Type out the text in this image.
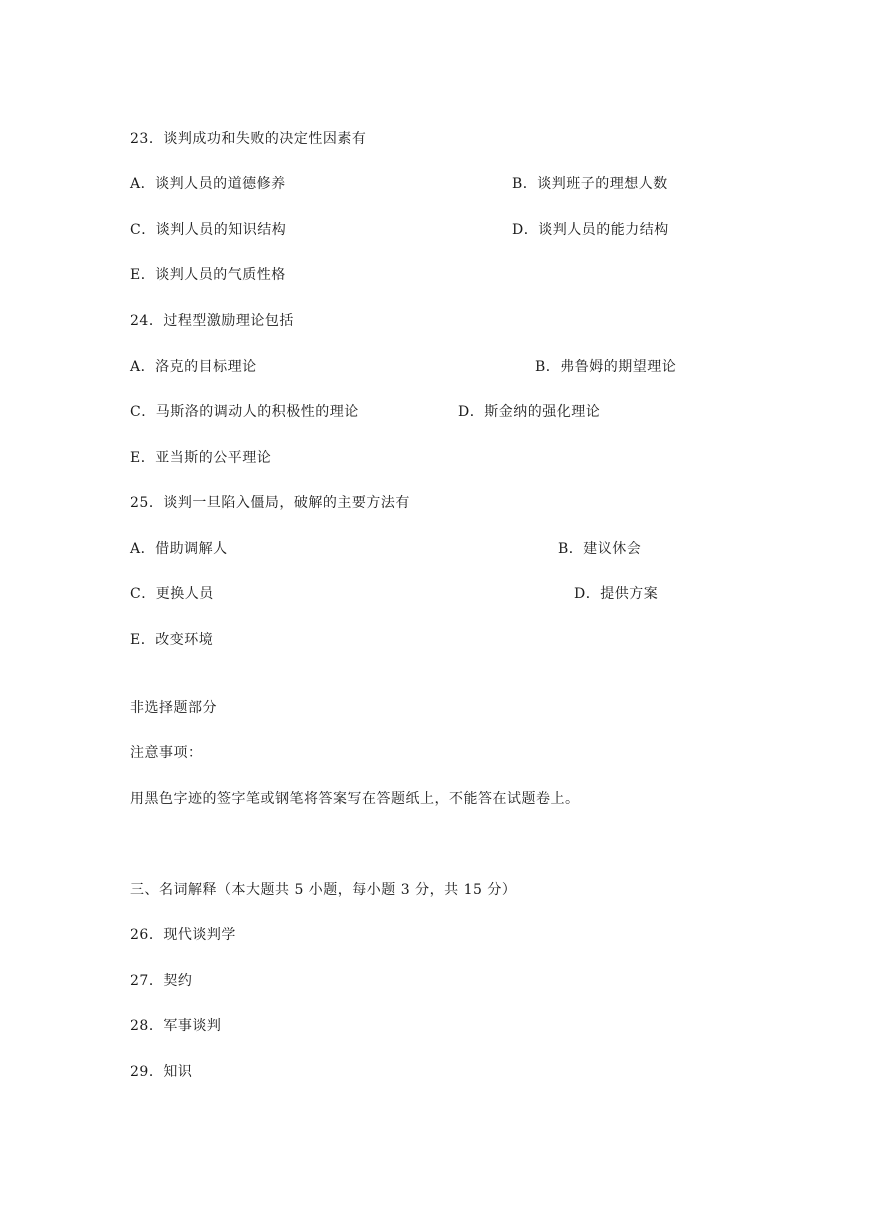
23．谈判成功和失败的决定性因素有
A．谈判人员的道德修养	B．谈判班子的理想人数
C．谈判人员的知识结构	D．谈判人员的能力结构
E．谈判人员的气质性格
24．过程型激励理论包括
A．洛克的目标理论	B．弗鲁姆的期望理论
C．马斯洛的调动人的积极性的理论	D．斯金纳的强化理论
E．亚当斯的公平理论
25．谈判一旦陷入僵局，破解的主要方法有
A．借助调解人	B．建议休会
C．更换人员	D．提供方案
E．改变环境
非选择题部分
注意事项：
用黑色字迹的签字笔或钢笔将答案写在答题纸上，不能答在试题卷上。
三、名词解释（本大题共 5 小题，每小题 3 分，共 15 分）
26．现代谈判学
27．契约
28．军事谈判
29．知识
